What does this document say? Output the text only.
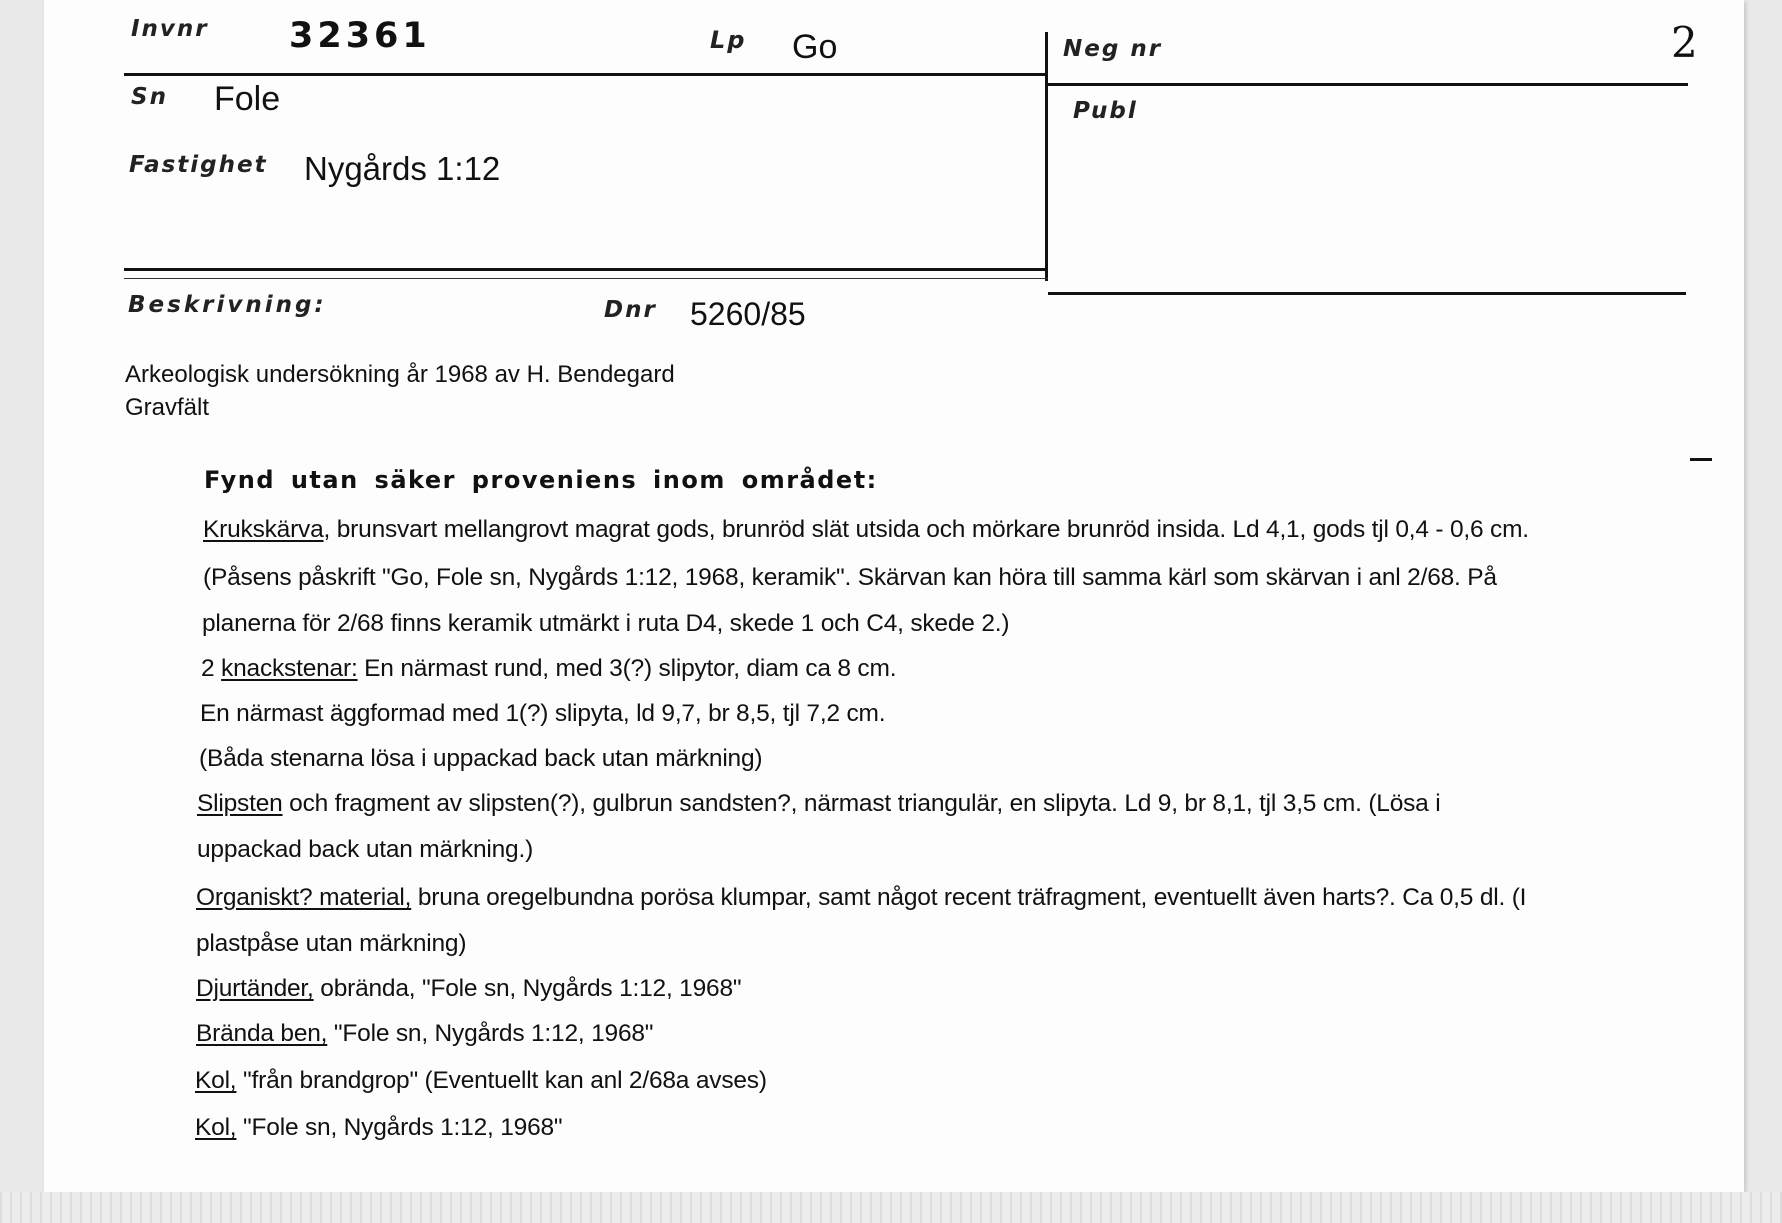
Invnr 32361	Lp Go	Neg nr	2
Sn Fole	Publ
Fastighet Nygårds 1:12
Beskrivning:	Dnr 5260/85
Arkeologisk undersökning år 1968 av H. Bendegard
Gravfält
Fynd utan säker proveniens inom området:
Krukskärva, brunsvart mellangrovt magrat gods, brunröd slät utsida och mörkare brunröd insida. Ld 4,1, gods tjl 0,4 - 0,6 cm.
(Påsens påskrift "Go, Fole sn, Nygårds 1:12, 1968, keramik". Skärvan kan höra till samma kärl som skärvan i anl 2/68. På
planerna för 2/68 finns keramik utmärkt i ruta D4, skede 1 och C4, skede 2.)
2 knackstenar: En närmast rund, med 3(?) slipytor, diam ca 8 cm.
En närmast äggformad med 1(?) slipyta, ld 9,7, br 8,5, tjl 7,2 cm.
(Båda stenarna lösa i uppackad back utan märkning)
Slipsten och fragment av slipsten(?), gulbrun sandsten?, närmast triangulär, en slipyta. Ld 9, br 8,1, tjl 3,5 cm. (Lösa i
uppackad back utan märkning.)
Organiskt? material, bruna oregelbundna porösa klumpar, samt något recent träfragment, eventuellt även harts?. Ca 0,5 dl. (I
plastpåse utan märkning)
Djurtänder, obrända, "Fole sn, Nygårds 1:12, 1968"
Brända ben, "Fole sn, Nygårds 1:12, 1968"
Kol, "från brandgrop" (Eventuellt kan anl 2/68a avses)
Kol, "Fole sn, Nygårds 1:12, 1968"
